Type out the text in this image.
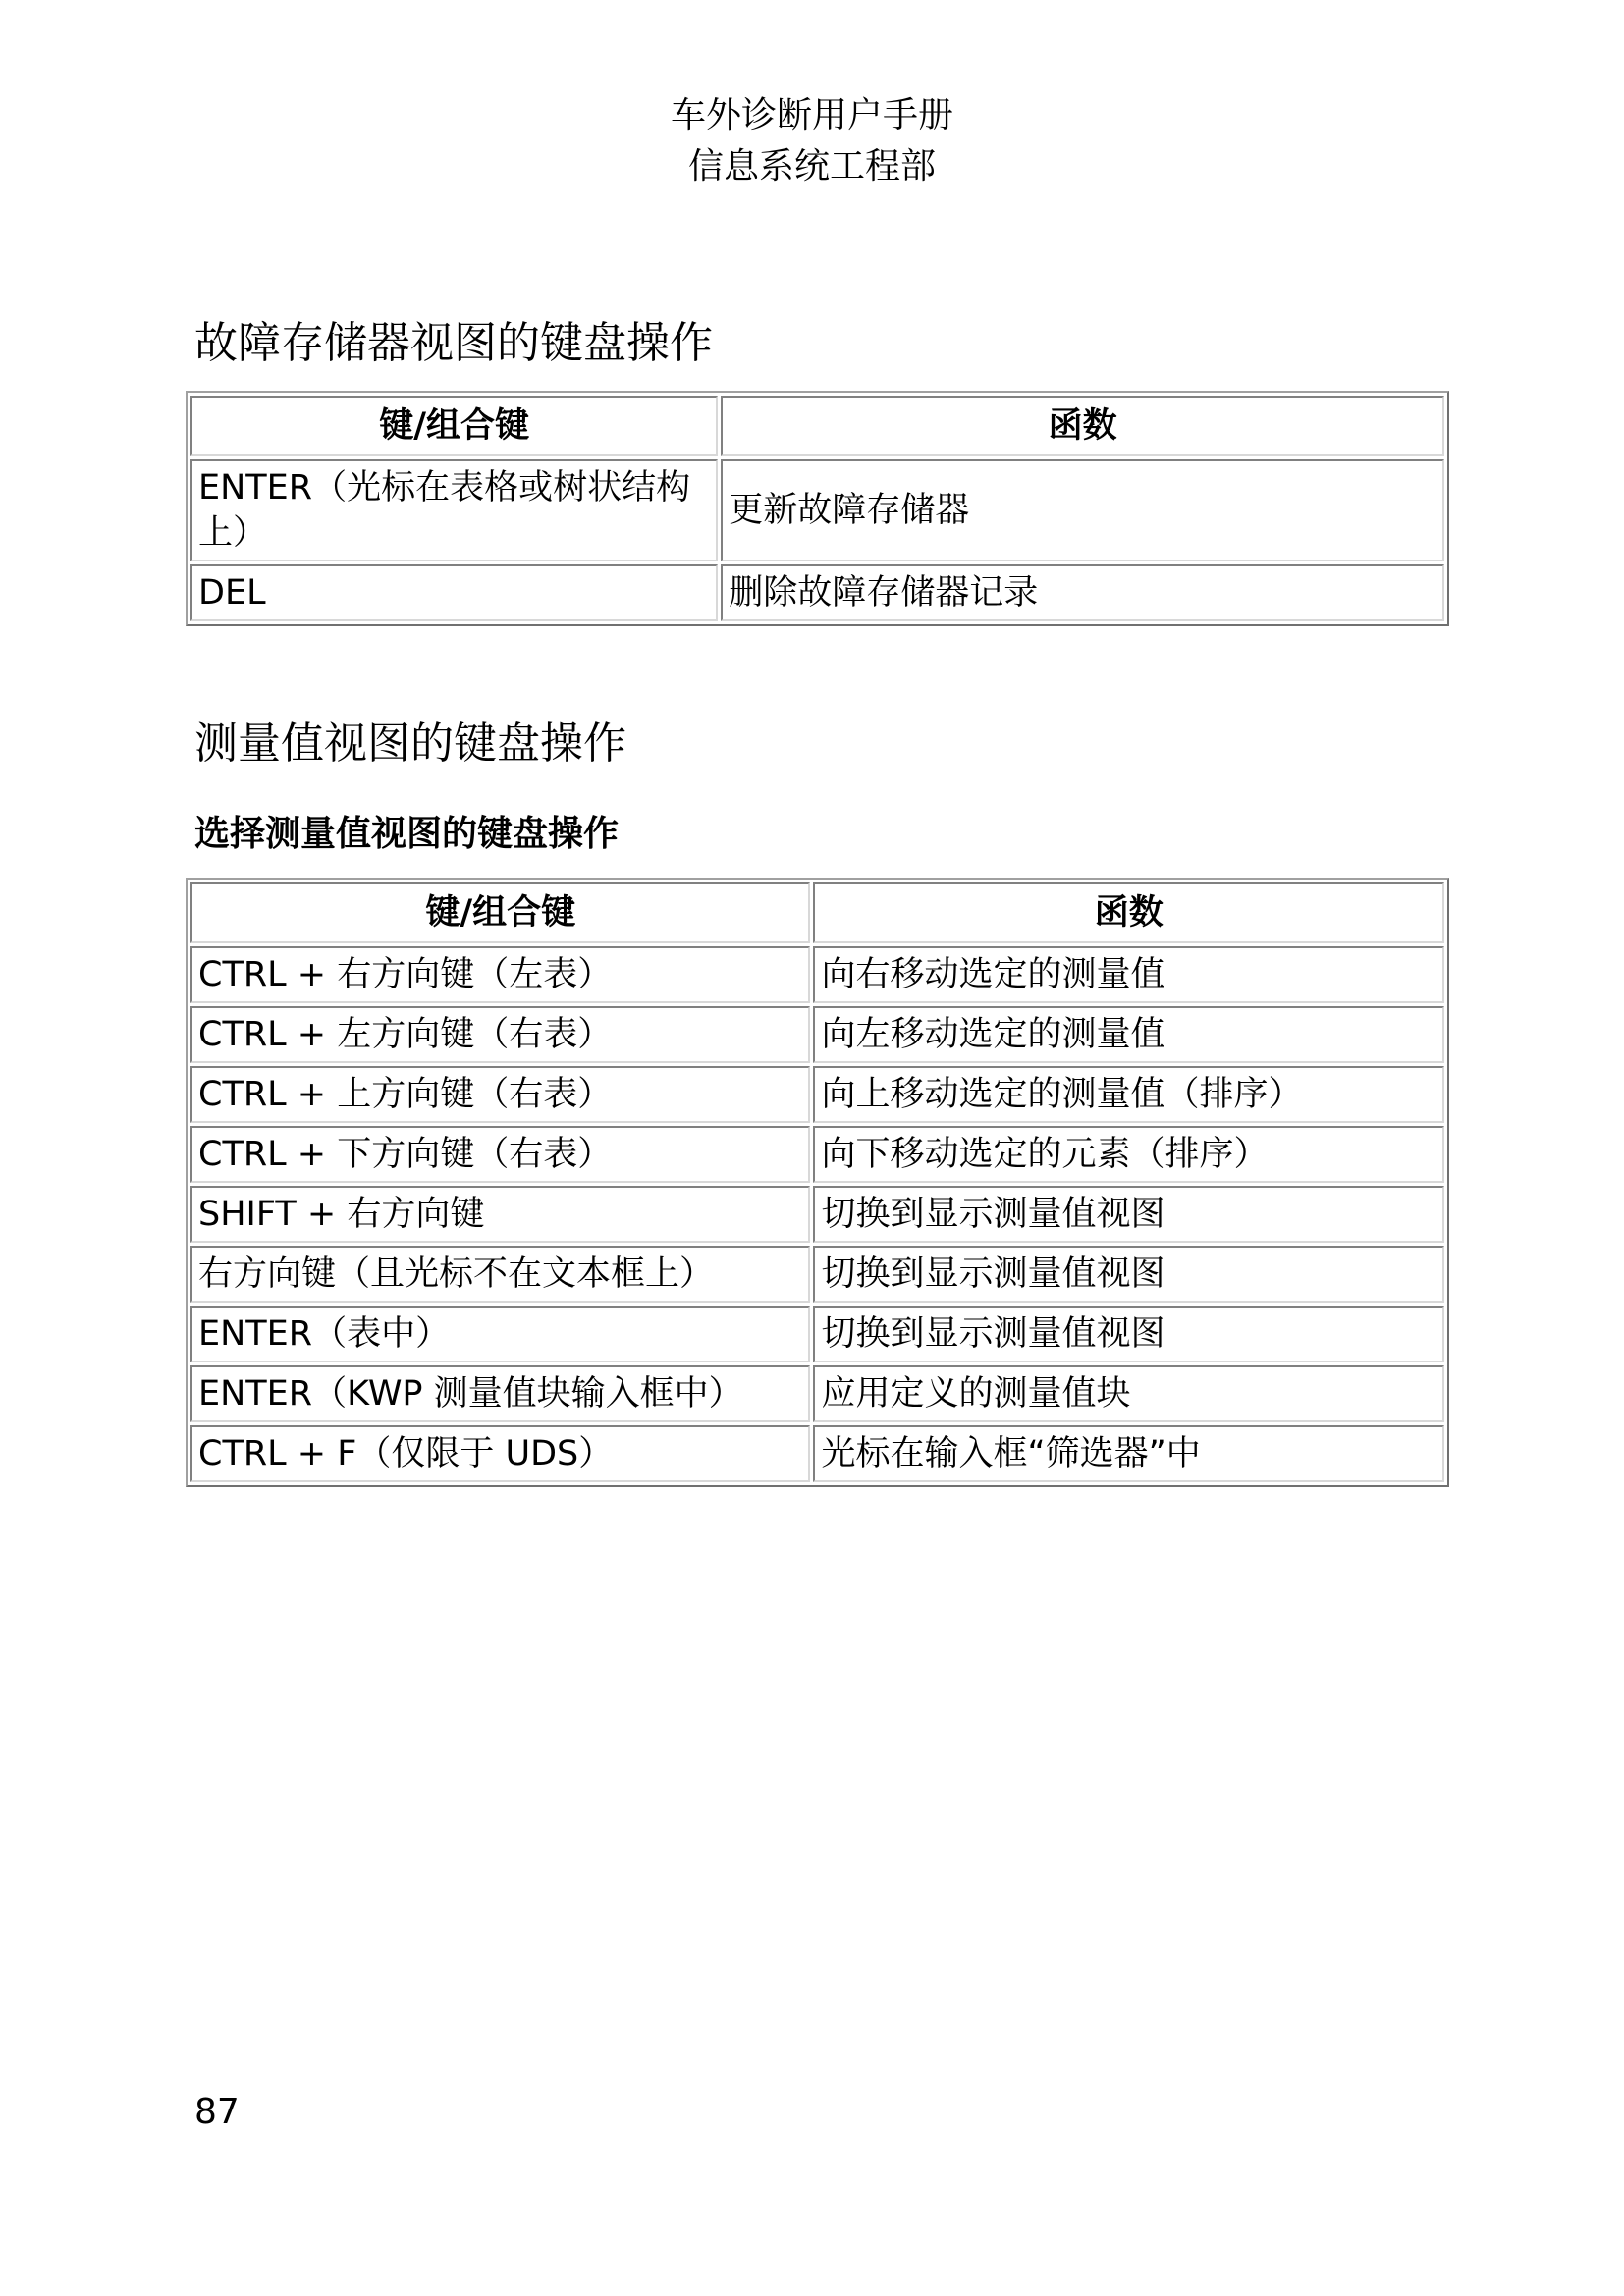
车外诊断用户手册
信息系统工程部
故障存储器视图的键盘操作
键/组合键	函数
ENTER（光标在表格或树状结构上）	更新故障存储器
DEL	删除故障存储器记录
测量值视图的键盘操作
选择测量值视图的键盘操作
键/组合键	函数
CTRL + 右方向键（左表）	向右移动选定的测量值
CTRL + 左方向键（右表）	向左移动选定的测量值
CTRL + 上方向键（右表）	向上移动选定的测量值（排序）
CTRL + 下方向键（右表）	向下移动选定的元素（排序）
SHIFT + 右方向键	切换到显示测量值视图
右方向键（且光标不在文本框上）	切换到显示测量值视图
ENTER（表中）	切换到显示测量值视图
ENTER（KWP 测量值块输入框中）	应用定义的测量值块
CTRL + F（仅限于 UDS）	光标在输入框“筛选器”中
87
